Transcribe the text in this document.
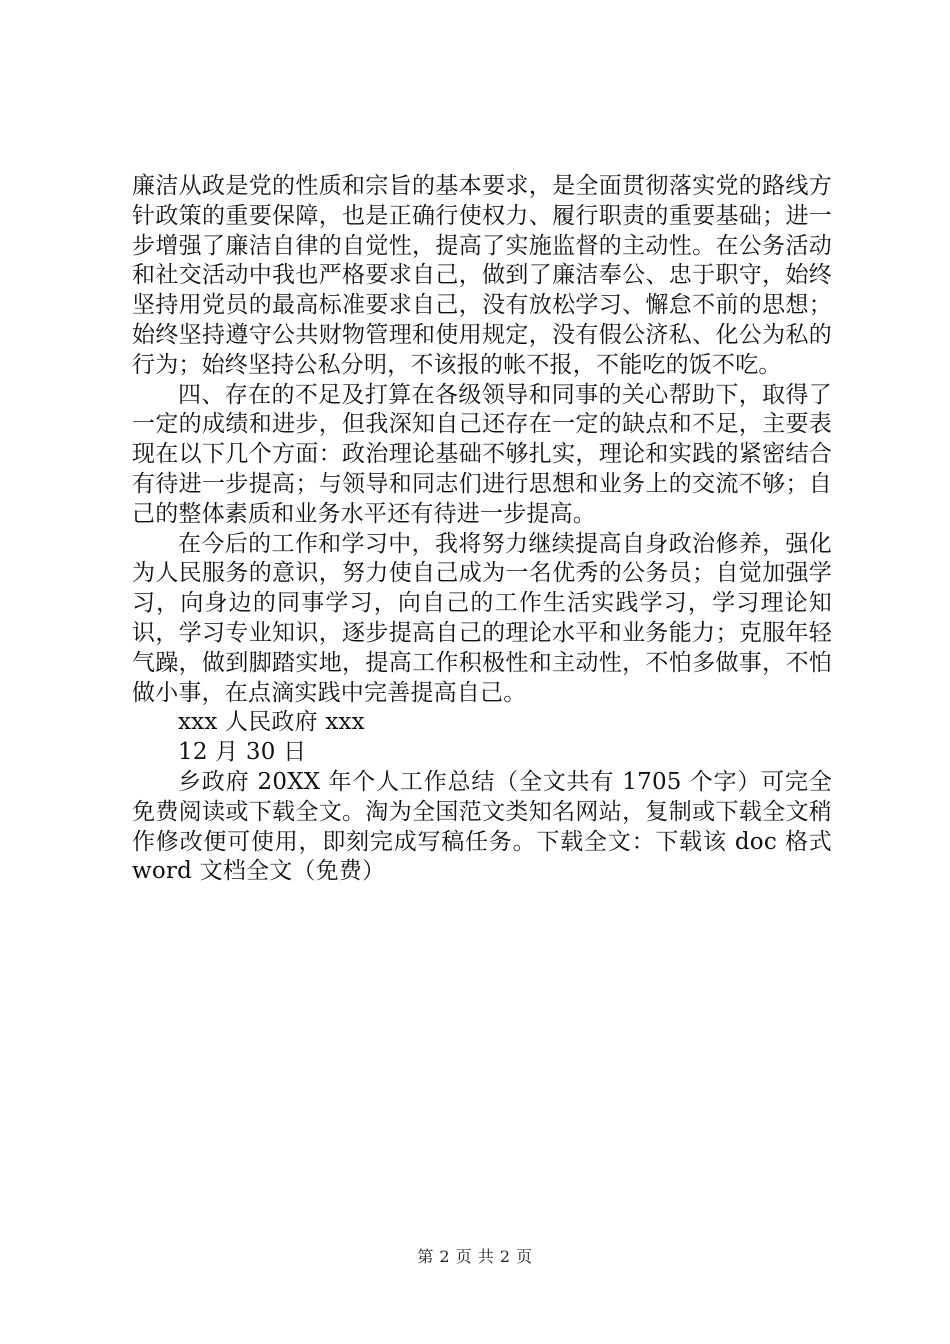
廉洁从政是党的性质和宗旨的基本要求，是全面贯彻落实党的路线方针政策的重要保障，也是正确行使权力、履行职责的重要基础；进一步增强了廉洁自律的自觉性，提高了实施监督的主动性。在公务活动和社交活动中我也严格要求自己，做到了廉洁奉公、忠于职守，始终坚持用党员的最高标准要求自己，没有放松学习、懈怠不前的思想；始终坚持遵守公共财物管理和使用规定，没有假公济私、化公为私的行为；始终坚持公私分明，不该报的帐不报，不能吃的饭不吃。

四、存在的不足及打算在各级领导和同事的关心帮助下，取得了一定的成绩和进步，但我深知自己还存在一定的缺点和不足，主要表现在以下几个方面：政治理论基础不够扎实，理论和实践的紧密结合有待进一步提高；与领导和同志们进行思想和业务上的交流不够；自己的整体素质和业务水平还有待进一步提高。

在今后的工作和学习中，我将努力继续提高自身政治修养，强化为人民服务的意识，努力使自己成为一名优秀的公务员；自觉加强学习，向身边的同事学习，向自己的工作生活实践学习，学习理论知识，学习专业知识，逐步提高自己的理论水平和业务能力；克服年轻气躁，做到脚踏实地，提高工作积极性和主动性，不怕多做事，不怕做小事，在点滴实践中完善提高自己。

xxx 人民政府 xxx

12 月 30 日

乡政府 20XX 年个人工作总结（全文共有 1705 个字）可完全免费阅读或下载全文。淘为全国范文类知名网站，复制或下载全文稍作修改便可使用，即刻完成写稿任务。下载全文：下载该 doc 格式 word 文档全文（免费）

第 2 页 共 2 页
